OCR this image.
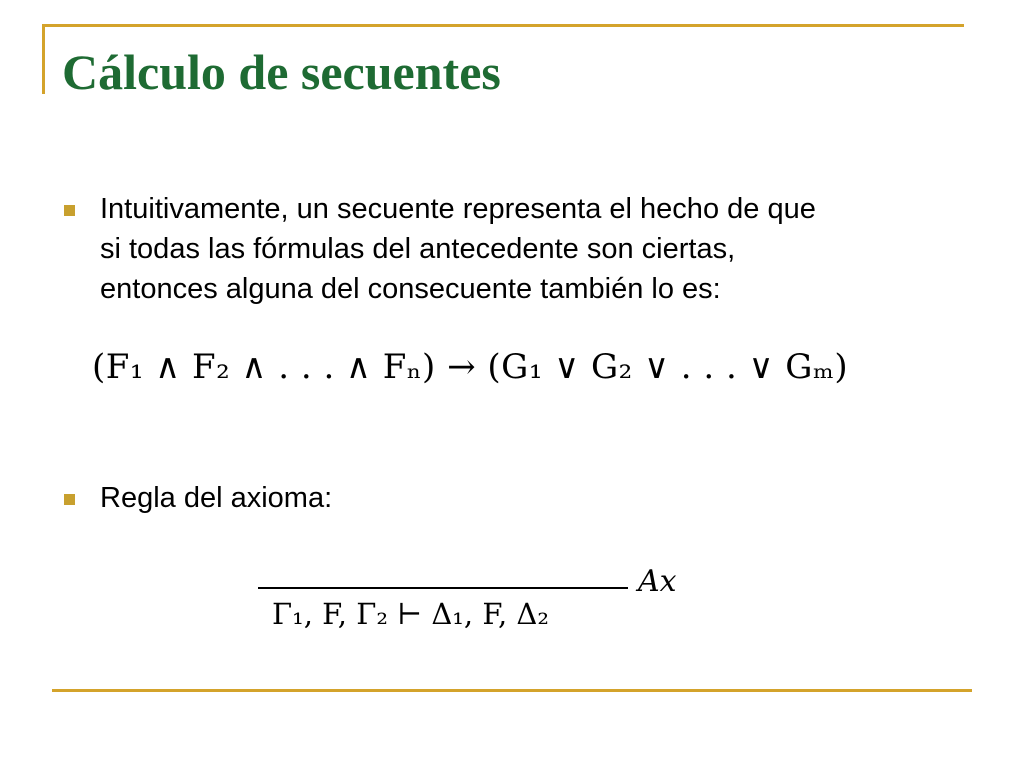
Cálculo de secuentes
Intuitivamente, un secuente representa el hecho de que
si todas las fórmulas del antecedente son ciertas,
entonces alguna del consecuente también lo es:
(F₁ ∧ F₂ ∧ . . . ∧ Fₙ) → (G₁ ∨ G₂ ∨ . . . ∨ Gₘ)
Regla del axioma:
Ax
Γ₁, F, Γ₂ ⊢ Δ₁, F, Δ₂
